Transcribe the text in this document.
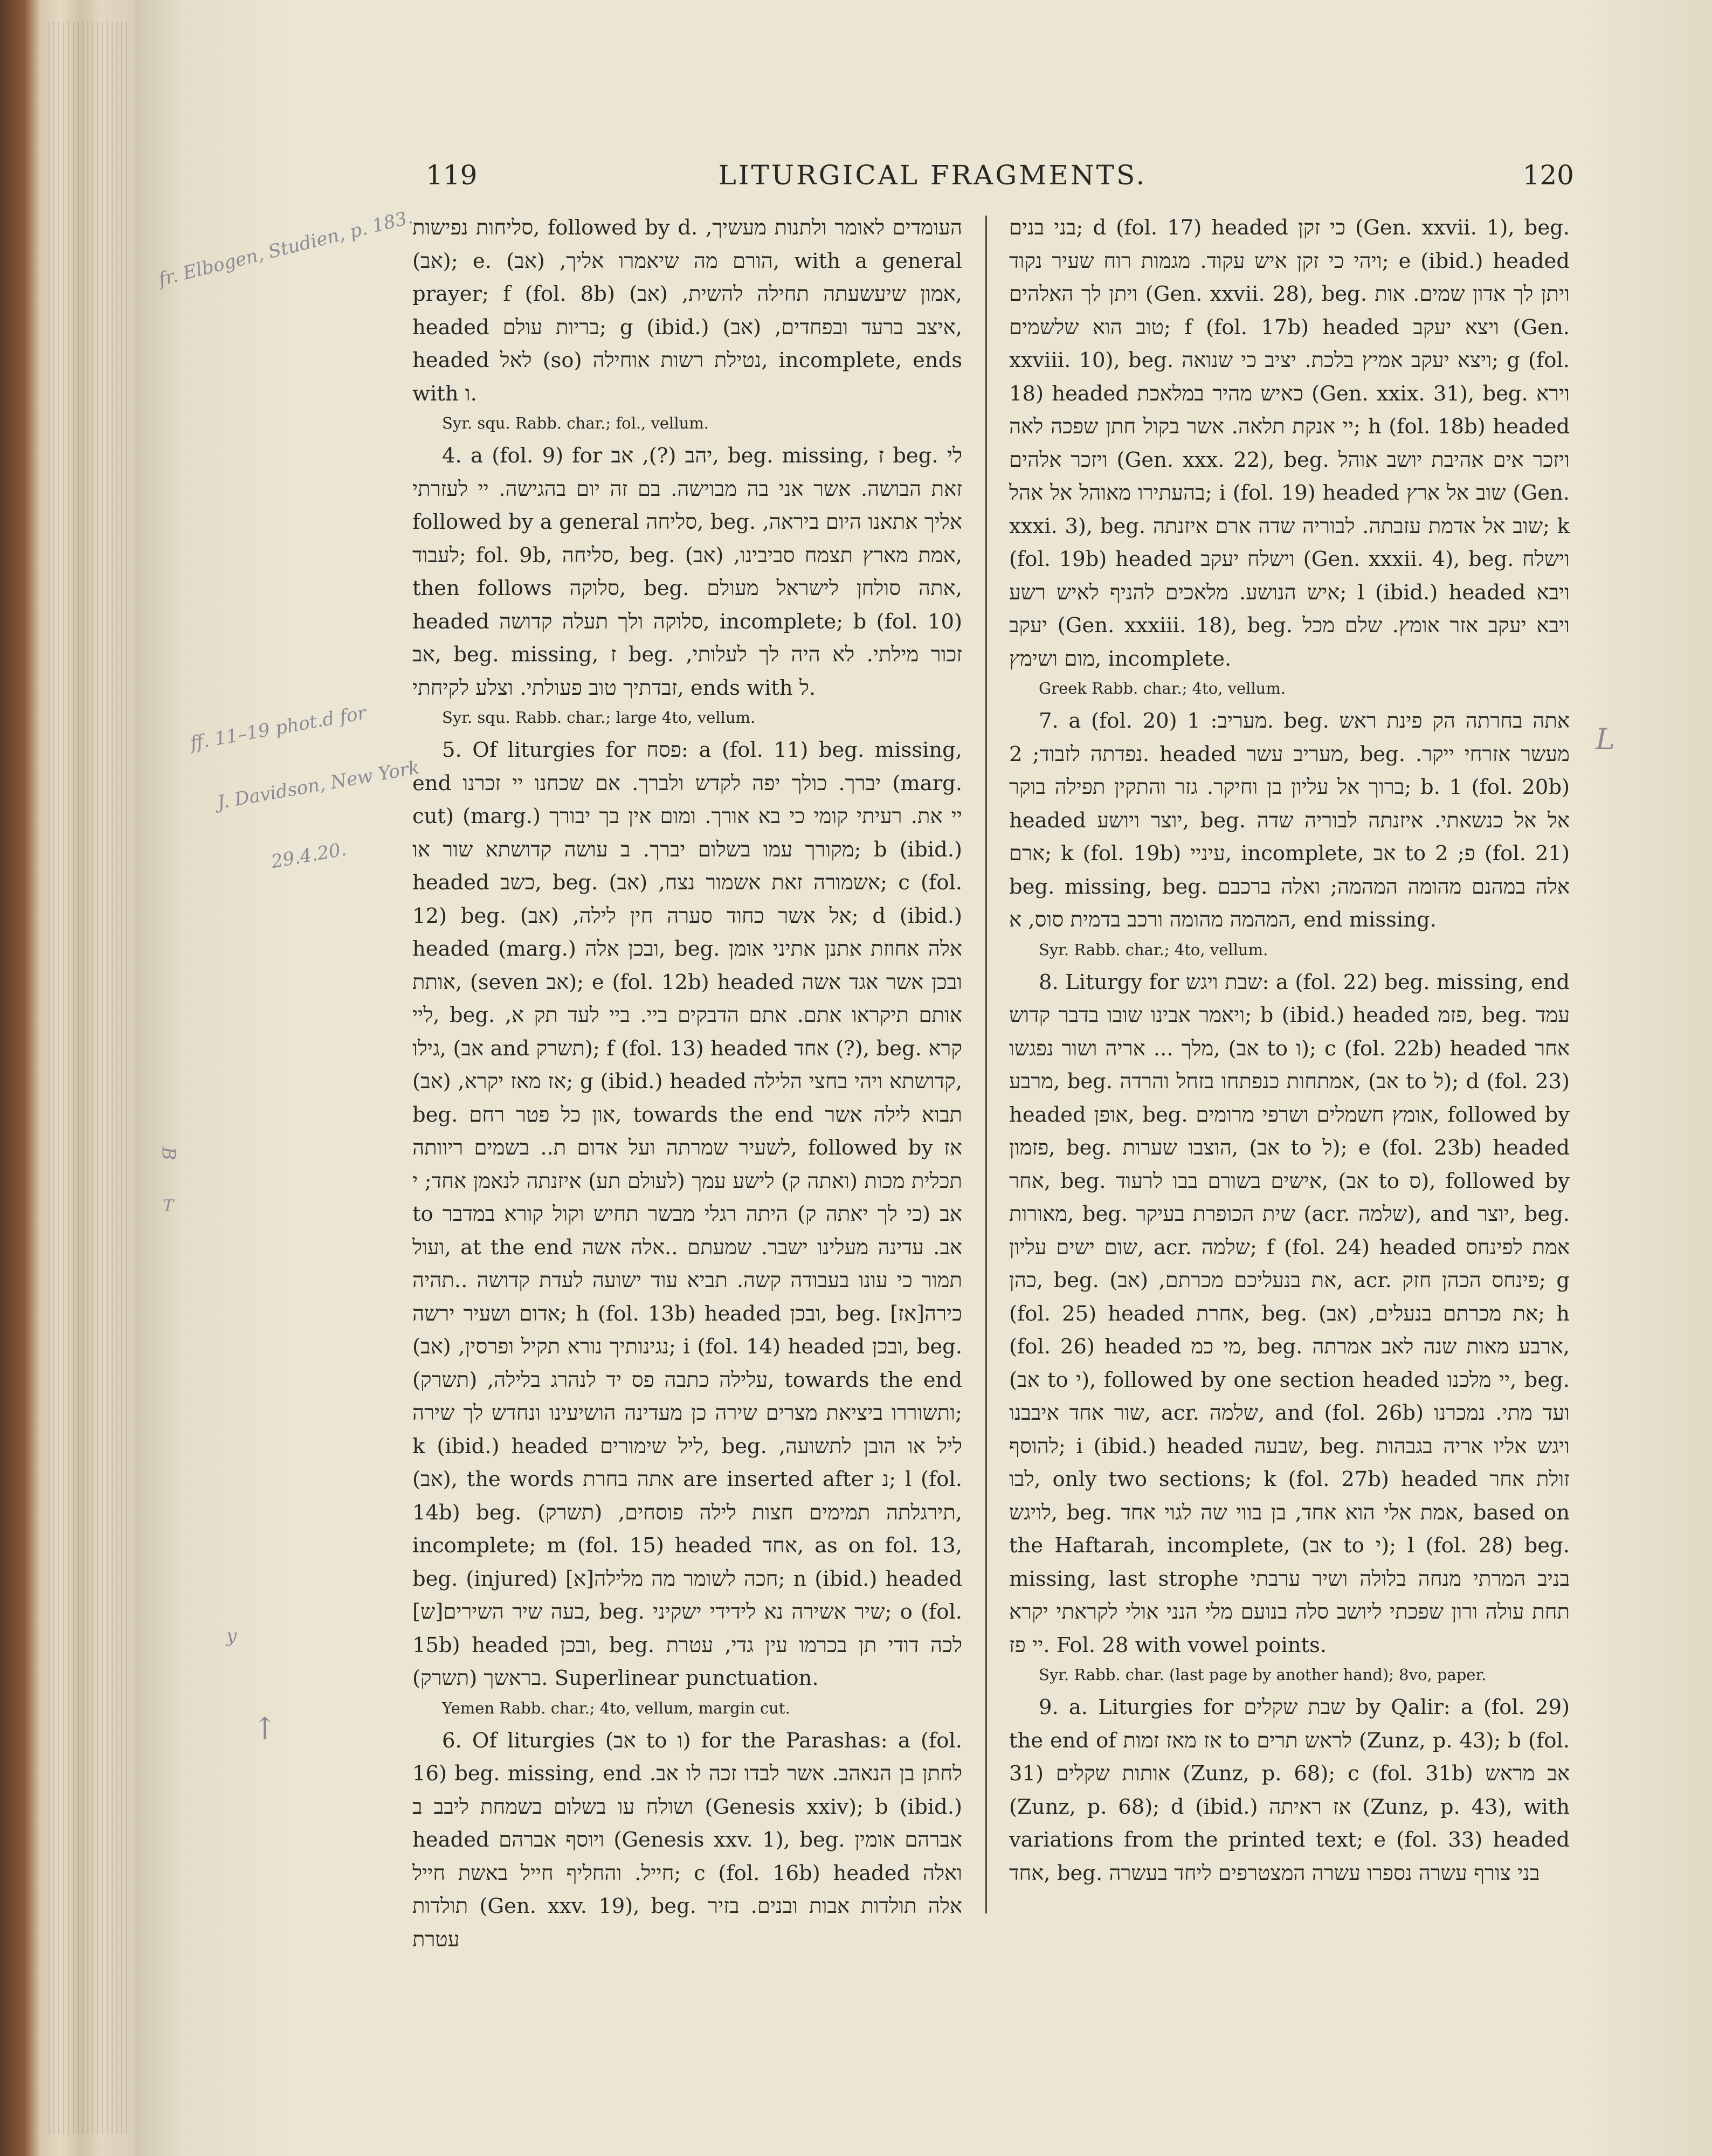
119	LITURGICAL FRAGMENTS.	120

סליחות נפישות, followed by d. העומדים לאומר ולתנות מעשיך, (אב); e. הורם מה שיאמרו אליך, (אב), with a general prayer; f (fol. 8b) אמון שיעשעתה תחילה להשית, (אב), headed בריות עולם; g (ibid.) איצב ברעד ובפחדים, (אב), headed לאל (so) נטילת רשות אוחילה, incomplete, ends with ו.

Syr. squ. Rabb. char.; fol., vellum.

4. a (fol. 9) for יהב (?), אב, beg. missing, ז beg. לי זאת הבושה. אשר אני בה מבוישה. בם זה יום בהגישה. יי לעזרתי followed by a general סליחה, beg. אליך אתאנו היום ביראה, לעבוד; fol. 9b, סליחה, beg. אמת מארץ תצמח סביבינו, (אב), then follows סלוקה, beg. אתה סולחן לישראל מעולם, headed סלוקה ולך תעלה קדושה, incomplete; b (fol. 10) אב, beg. missing, ז beg. זכור מילתי. לא היה לך לעלותי, זבדתיך טוב פעולתי. וצלע לקיחתי, ends with ל.

Syr. squ. Rabb. char.; large 4to, vellum.

5. Of liturgies for פסח: a (fol. 11) beg. missing, end יברך. כולך יפה לקדש ולברך. אם שכחנו יי זכרנו (marg. cut) (marg.) יי את. רעיתי קומי כי בא אורך. ומום אין בך יבורך מקורך עמו בשלום יברך. ב עושה קדושתא שור או; b (ibid.) headed כשב, beg. אשמורה זאת אשמור נצח, (אב); c (fol. 12) beg. אל אשר כחוד סערה חין לילה, (אב); d (ibid.) headed (marg.) ובכן אלה, beg. אלה אחוזת אתנן אתיני אומן אותת, (seven אב); e (fol. 12b) headed ובכן אשר אגד אשה ליי, beg. אותם תיקראו אתם. אתם הדבקים ביי. ביי לעד תק א, גילו, (אב and תשרק); f (fol. 13) headed אחד (?), beg. קרא אז מאז יקרא, (אב); g (ibid.) headed קדושתא ויהי בחצי הלילה, beg. און כל פטר רחם, towards the end תבוא לילה אשר לשעיר שמרתה ועל אדום ת.. בשמים ריוותה, followed by אז תכלית מכות (ואתה ק) לישע עמך (לעולם תע) איזנתה לנאמן אחד; י to אב (כי לך יאתה ק) היתה רגלי מבשר תחיש וקול קורא במדבר ועול, at the end אב. עדינה מעלינו ישבר. שמעתם ..אלה אשה תמור כי עונו בעבודה קשה. תביא עוד ישועה לעדת קדושה ..תהיה אדום ושעיר ירשה; h (fol. 13b) headed ובכן, beg. [אז]כירה נגינותיך נורא תקיל ופרסין, (אב); i (fol. 14) headed ובכן, beg. עלילה כתבה פס יד לנהרג בלילה, (תשרק), towards the end ותשוררו ביציאת מצרים שירה כן מעדינה הושיעינו ונחדש לך שירה; k (ibid.) headed ליל שימורים, beg. ליל או הובן לתשועה, (אב), the words אתה בחרת are inserted after נ; l (fol. 14b) beg. תירגלתה תמימים חצות לילה פוסחים, (תשרק), incomplete; m (fol. 15) headed אחד, as on fol. 13, beg. (injured) חכה לשומר מה מלילה[א]; n (ibid.) headed [ש]בעה שיר השירים, beg. שיר אשירה נא לידידי ישקיני; o (fol. 15b) headed ובכן, beg. לכה דודי תן בכרמו עין גדי, עטרת בראשך (תשרק). Superlinear punctuation.

Yemen Rabb. char.; 4to, vellum, margin cut.

6. Of liturgies (אב to ו) for the Parashas: a (fol. 16) beg. missing, end לחתן בן הנאהב. אשר לבדו זכה לו אב. ושולח עו בשלום בשמחת ליבב ב (Genesis xxiv); b (ibid.) headed ויוסף אברהם (Genesis xxv. 1), beg. אברהם אומין חייל. והחליף חייל באשת חייל; c (fol. 16b) headed ואלה תולדות (Gen. xxv. 19), beg. אלה תולדות אבות ובנים. בזיר עטרת

בני בנים; d (fol. 17) headed כי זקן (Gen. xxvii. 1), beg. ויהי כי זקן איש עקוד. מגמות רוח שעיר נקוד; e (ibid.) headed ויתן לך האלהים (Gen. xxvii. 28), beg. ויתן לך אדון שמים. אות טוב הוא שלשמים; f (fol. 17b) headed ויצא יעקב (Gen. xxviii. 10), beg. ויצא יעקב אמיץ בלכת. יציב כי שנואה; g (fol. 18) headed כאיש מהיר במלאכת (Gen. xxix. 31), beg. וירא יי אנקת תלאה. אשר בקול חתן שפכה לאה; h (fol. 18b) headed ויזכר אלהים (Gen. xxx. 22), beg. ויזכר אים אהיבת יושב אוהל בהעתירו מאוהל אל אהל; i (fol. 19) headed שוב אל ארץ (Gen. xxxi. 3), beg. שוב אל אדמת עזבתה. לבוריה שדה ארם איזנתה; k (fol. 19b) headed וישלח יעקב (Gen. xxxii. 4), beg. וישלח איש הנושע. מלאכים להניף לאיש רשע; l (ibid.) headed ויבא יעקב (Gen. xxxiii. 18), beg. ויבא יעקב אזר אומץ. שלם מכל מום ושימץ, incomplete.

Greek Rabb. char.; 4to, vellum.

7. a (fol. 20) מעריב: 1. beg. אתה בחרתה הק פינת ראש נפדתה לזבוד; 2. headed מעריב עשר, beg. מעשר אזרחי ייקר. ברוך אל עליון בן וחיקר. גזר והתקין תפילה בוקר; b. 1 (fol. 20b) headed יוצר ויושע, beg. אל אל כנשאתי. איזנתה לבוריה שדה ארם; k (fol. 19b) עיניי, incomplete, אב to פ; 2 (fol. 21) beg. missing, beg. אלה במהנם מהומה המהמה; ואלה ברכבם המהמה מהומה ורכב בדמית סוס, א, end missing.

Syr. Rabb. char.; 4to, vellum.

8. Liturgy for שבת ויגש: a (fol. 22) beg. missing, end ויאמר אבינו שובו בדבר קדוש; b (ibid.) headed פזמ, beg. עמד מלך ... אריה ושור נפגשו, (אב to ו); c (fol. 22b) headed אחר מרבע, beg. אמתחות כנפתחו בזחל והרדה, (אב to ל); d (fol. 23) headed אופן, beg. אומץ חשמלים ושרפי מרומים, followed by פזמון, beg. הוצבו שערות, (אב to ל); e (fol. 23b) headed אחר, beg. אישים בשורם בבו לרעוד, (אב to ס), followed by מאורות, beg. שית הכופרת בעיקר (acr. שלמה), and יוצר, beg. שום ישים עליון, acr. שלמה; f (fol. 24) headed אמת לפינחס כהן, beg. את בנעליכם מכרתם, (אב), acr. פינחס הכהן חזק; g (fol. 25) headed אחרת, beg. את מכרתם בנעלים, (אב); h (fol. 26) headed מי כמ, beg. ארבע מאות שנה לאב אמרתה, (אב to י), followed by one section headed יי מלכנו, beg. שור אחד איבבנו, acr. שלמה, and (fol. 26b) ועד מתי. נמכרנו להוסף; i (ibid.) headed שבעה, beg. ויגש אליו אריה בגבהות לבו, only two sections; k (fol. 27b) headed זולת אחר לויגש, beg. אמת אלי הוא אחד, בן בווי שה לגוי אחד, based on the Haftarah, incomplete, (אב to י); l (fol. 28) beg. missing, last strophe בניב המרתי מנחה בלולה ושיר ערבתי תחת עולה ורון שפכתי ליושב סלה בנועם מלי הנני אולי לקראתי יקרא יי פז. Fol. 28 with vowel points.

Syr. Rabb. char. (last page by another hand); 8vo, paper.

9. a. Liturgies for שבת שקלים by Qalir: a (fol. 29) the end of אז מאז זמות to לראש תרים (Zunz, p. 43); b (fol. 31) אותות שקלים (Zunz, p. 68); c (fol. 31b) אב מראש (Zunz, p. 68); d (ibid.) אז ראיתה (Zunz, p. 43), with variations from the printed text; e (fol. 33) headed אחד, beg. בני צורף עשרה נספרו עשרה המצטרפים ליחד בעשרה

fr. Elbogen, Studien, p. 183.
ff. 11–19 phot.d for
J. Davidson, New York
29.4.20.
L
B
T
y
↑
